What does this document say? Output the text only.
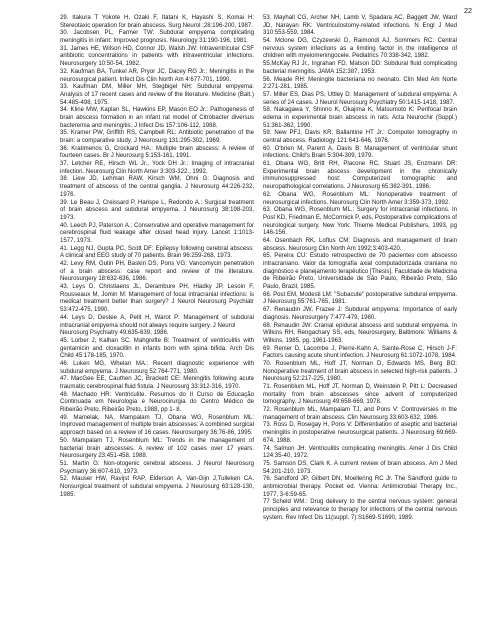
22

29. Itakura T Yokote H, Ozaki F, Itatani K, Hayashi S, Komai H: Stereotaxic operation for brain abscess. Surg Neurol ;28:196-200, 1987.

30. Jacobsen PL, Farmer TW: Subdural empyema complicating meningitis in infant: Improved prognosis. Neurology 31:190-196, 1981.

31. James HE, Wilson HD, Connor JD, Walsh JW: Intraventricular CSF antibiotic concentrations in patients with intraventricular infections. Neurosurgery 10:50-54, 1982.

32. Kaufman BA, Tunkel AR, Pryor JC, Dacey RG Jr.: Meningitis in the neurosurgical patient. Infect Dis Clin North Am 4:677-701, 1990.

33. Kaufman DM, Miller MH, Stegbigel NH: Subdural empyema: Analysis of 17 recent cases and review of the literature. Medicine (Balt.) 54:485-498, 1975.

34. Kline MW, Kaplan SL, Hawkins EP, Mason EO Jr.: Pathogenesis of brain abscess formation in an infant rat model of Citrobacter diversus bacteremia and meningitis. J Infect Dis 157:106-112, 1988.

35. Kramer PW, Griffith RS, Campbell RL: Antibiotic penetration of the brain: a comparative study. J Neurosurg 131:295-302, 1969.

36. Kratimenos G, Crockard HA.: Multiple brain abscess: A review of fourteen cases. Br J Neurosurg 5:153-161, 1991.

37. Letcher RE, Hirsch WL Jr., Yock DH Jr.: Imaging of intracranial infection. Neurosurg Clin North Amer 3:303-322., 1992.

38. Liew JD, Lehman RAW, Kirsch WM, Ohni G: Diagnosis and treatment of abscess of the central ganglia. J Neurosurg 44:226-232, 1976.

39. Le Beau J, Creissard P, Harispe L, Redondo A.: Surgical treatment of brain abscess and subdural empyema. J Neurosurg 38:198-203, 1973.

40. Leech PJ, Paterson A.: Conservative and operative management for cerebrospinal fluid leakage after closed head injury. Lancet 1:1013-1577, 1973.

41. Legg NJ, Gupta PC, Scott DF: Epilepsy following cerebral abscess: A clinical and EEG study of 70 patients. Brain 96:259-268, 1973.

42. Levy RM, Gutin PH, Baskin DS, Pons VG: Vancomycin penetration of a brain abscess: case report and review of the literature. Neurosurgery 18:632-636, 1986.

43. Leys D, Christiaens JL, Derambure PH, Hladky JP, Lesoin F, Rousseaux M, Jomin M: Management of focal intracranial infections: is medical treatment better than surgery? J Neurol Neurosurg Psychiatr 53:472-475, 1990.

44. Leys D, Destee A, Petit H, Warot P: Management of subdural intracranial empyema should not always require surgery. J Neurol

Neurosurg Psychiatry 49:635-639, 1986.

45. Lorber J, Kalhan SC, Mahgrefte B: Treatment of ventriculitis with gentamicin and cloxacillin in infants born with spina bifida. Arch Dis Child 45:178-185, 1970.

46. Luken MG, Whelan MA.: Recent diagnostic experience with subdural empyema. J Neurosurg 52:764-771, 1980.

47. MacGee EE, Cauthen JC, Brackett CE: Meningitis following acute traumatic cerebrospinal fluid fistula. J Neurosurg 33:312-316, 1970.

48. Machado HR: Ventriculite. Resumos do II Curso de Educação Continuada em Neurologia e Neurocirurgia do Centro Médico de Ribeirão Preto. Ribeirão Preto, 1988, pp 1- 8.

49. Mamelak, NA, Mampalam TJ, Obana WG, Rosenblum ML: Improved management of multiple brain abscesses: A combined surgical approach based on a review of 16 cases. Neurosurgery 36:76-86, 1995.

50. Mampalam TJ, Rosenblum ML: Trends in the management of bacterial brain abscesses. A review of 102 cases over 17 years. Neurosurgery 23:451-458, 1988.

51. Martin G: Non-otogenic cerebral abscess. J Neurol Neurosurg Psychiatry 36:607-610, 1973.

52. Mauser HW, Ravijst RAP, Elderson A, Van-Gijn J,Tulleken CA. Nonsurgical treatment of subdural empyema. J Neurosurg 63:128-130, 1985.

53. Mayhall CG, Archer NH, Lamb V, Spadara AC, Baggett JW, Ward JD, Narayan RK: Ventriculostomy-related infections. N Engl J Med 310:553-559, 1984.

54. Mclone DG, Czyzewski D, Raimondi AJ, Sommers RC: Central nervous system infections as a limiting factor in the intelligence of children with myelomeningocele. Pediatrics 70:338-342, 1982.

55.McKay RJ Jr., Ingrahan FD, Matson DD: Subdural fluid complicating bacterial meningitis. JAMA 152:387, 1953.

56. Meade RH: Meningite bacteriana no neonato. Clin Med Am Norte 2:271-281, 1985.

57. Miller ES, Dias PS, Uttley D: Management of subdural empyema: A series of 24 cases. J Neurol Neurosurg Psychiatry 50:1415-1418, 1987.

58. Nakagawa Y, Shinno K, Okajima K, Matsumoto K: Perifocal brain edema in experimental brain abscess in rats. Acta Neurochir (Suppl.) 51:361-362, 1990.

59. New PFJ, Davis KR, Ballantine HT Jr.: Computer tomography in central abscess. Radiology 121:641-646, 1976.

60. O'brien M, Parent A, Davis B: Management of ventricular shunt infections. Child's Brain 5:304-309, 1979.

61. Obana WG, Britt RH, Placone RC, Stuart JS, Enzmann DR: Experimental brain abscess development in the chronically immunosuppressed host: Computerized tomographic and neuropathological correlations. J Neurosurg 65:382-391, 1986.

62. Obana WG, Rosenblum ML: Nonoperative treatment of neurosurgical infections. Neurosurg Clin North Amer 3:359-373, 1992.

63. Obana WG, Rosenblum ML.: Surgery for intracranial infections. In Post KD, Friedman E, McCormick P, eds, Postoperative complications of neurological surgery. New York: Thieme Medical Publishers, 1993, pg 146-156.

64. Osenbach RK, Loftus CM: Diagnosis and management of brain abscess. Neurosurg Clin North Am 1992;3:403-420.

65. Pereira CU: Estudo retrospectivo de 70 pacientes com abscesso intracraniano. Valor da tomografia axial computadorizada craniana no diagnóstico e planejamento terapêutico [Thesis]. Faculdade de Medicina de Ribeirão Preto, Universidade de São Paulo, Ribeirão Preto, São Paulo, Brazil, 1985.

66. Post EM, Modesti LM: "Subacute" postoperative subdural empyema. J Neurosurg 55:761-765, 1981.

67. Renaudin JW, Frazee J: Subdural empyema: Importance of early diagnosis. Neurosurgery 7:477-479, 1980.

68. Renaudin JW: Cranial epidural abscess and subdural empyema. In Wilkins RH, Rengachary SS, eds, Neurosurgery, Baltimore: Williams & Wilkins, 1985, pg. 1961-1963.

69. Renier D, Lacombe J, Pierre-Kahn A, Sainte-Rose C, Hirsch J-F: Factors causing acute shunt infection. J Neurosurg 61:1072-1078, 1984.

70. Rosenblum ML, Hoff JT, Norman D, Edwards MS, Berg BO: Nonoperative treatment of brain abscess in selected high-risk patients. J Neurosurg 52:217-225, 1980.

71. Rosenblum ML, Hoff JT, Norman D, Weinstein P, Pitt L: Decreased mortality from brain abscesses since advent of computerized tomography. J Neurosurg 49:658-669, 1978.

72. Rosenblum ML, Mampalam TJ, and Pons V: Controversies in the management of brain abscess. Clin Neurosurg 33:603-632, 1986.

73. Ross D, Rosegay H, Pons V: Differentiation of aseptic and bacterial meningitis in postoperative neurosurgical patients. J Neurosurg 69:669-674, 1988.

74. Salmon JH: Ventriculitis complicating meningitis. Amer J Dis Child 124:35-40, 1972.

75. Samson DS, Clark K. A current review of brain abscess. Am J Med 54:201-210, 1973.

76. Sandford JP, Gilbert DN, Moellering RC Jr. The Sandford guide to antimicrobial therapy. Pocket ed. Vienna: Antimicrobial Therapy Inc., 1977, 3-6:59-65.

77 Scheld WM.: Drug delivery to the central nervous system: general principles and relevance to therapy for infections of the central nervous system. Rev Infect Dis 11(suppl. 7):S1669-S1690, 1989.
